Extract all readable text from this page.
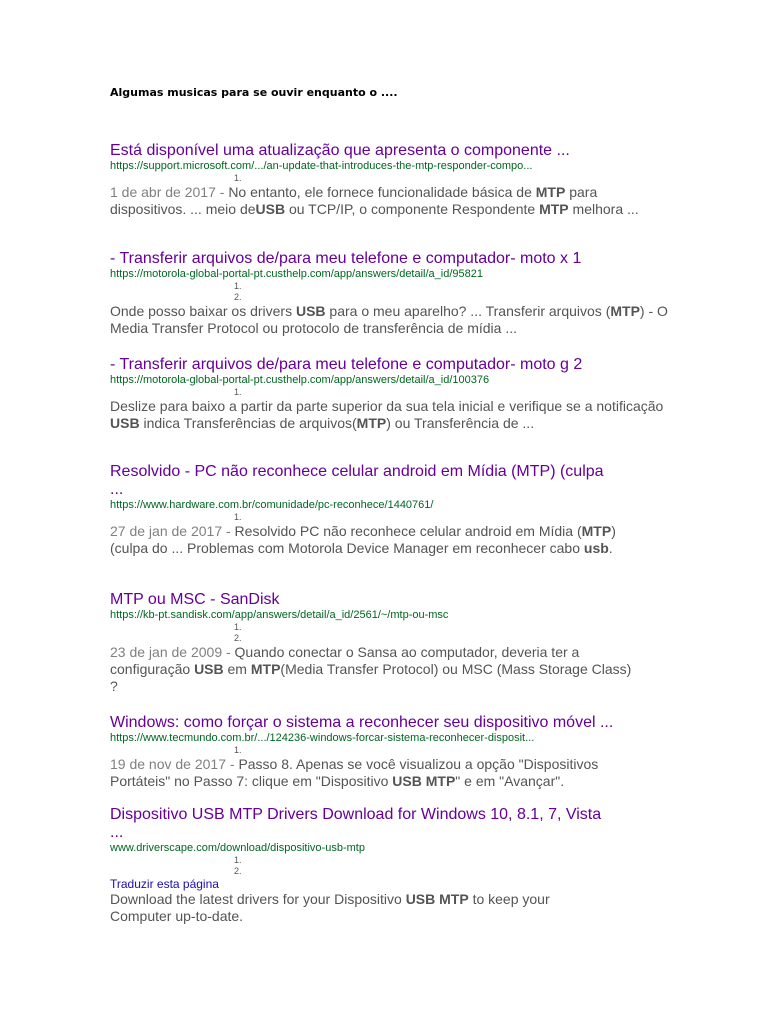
Algumas musicas para se ouvir enquanto o ....
Está disponível uma atualização que apresenta o componente ...
https://support.microsoft.com/.../an-update-that-introduces-the-mtp-responder-compo...
1.
1 de abr de 2017 - No entanto, ele fornece funcionalidade básica de MTP para dispositivos. ... meio deUSB ou TCP/IP, o componente Respondente MTP melhora ...
- Transferir arquivos de/para meu telefone e computador- moto x 1
https://motorola-global-portal-pt.custhelp.com/app/answers/detail/a_id/95821
1.
2.
Onde posso baixar os drivers USB para o meu aparelho? ... Transferir arquivos (MTP) - O Media Transfer Protocol ou protocolo de transferência de mídia ...
- Transferir arquivos de/para meu telefone e computador- moto g 2
https://motorola-global-portal-pt.custhelp.com/app/answers/detail/a_id/100376
1.
Deslize para baixo a partir da parte superior da sua tela inicial e verifique se a notificação USB indica Transferências de arquivos(MTP) ou Transferência de ...
Resolvido - PC não reconhece celular android em Mídia (MTP) (culpa ...
https://www.hardware.com.br/comunidade/pc-reconhece/1440761/
1.
27 de jan de 2017 - Resolvido PC não reconhece celular android em Mídia (MTP) (culpa do ... Problemas com Motorola Device Manager em reconhecer cabo usb.
MTP ou MSC - SanDisk
https://kb-pt.sandisk.com/app/answers/detail/a_id/2561/~/mtp-ou-msc
1.
2.
23 de jan de 2009 - Quando conectar o Sansa ao computador, deveria ter a configuração USB em MTP(Media Transfer Protocol) ou MSC (Mass Storage Class) ?
Windows: como forçar o sistema a reconhecer seu dispositivo móvel ...
https://www.tecmundo.com.br/.../124236-windows-forcar-sistema-reconhecer-disposit...
1.
19 de nov de 2017 - Passo 8. Apenas se você visualizou a opção "Dispositivos Portáteis" no Passo 7: clique em "Dispositivo USB MTP" e em "Avançar".
Dispositivo USB MTP Drivers Download for Windows 10, 8.1, 7, Vista ...
www.driverscape.com/download/dispositivo-usb-mtp
1.
2.
Traduzir esta página
Download the latest drivers for your Dispositivo USB MTP to keep your Computer up-to-date.
